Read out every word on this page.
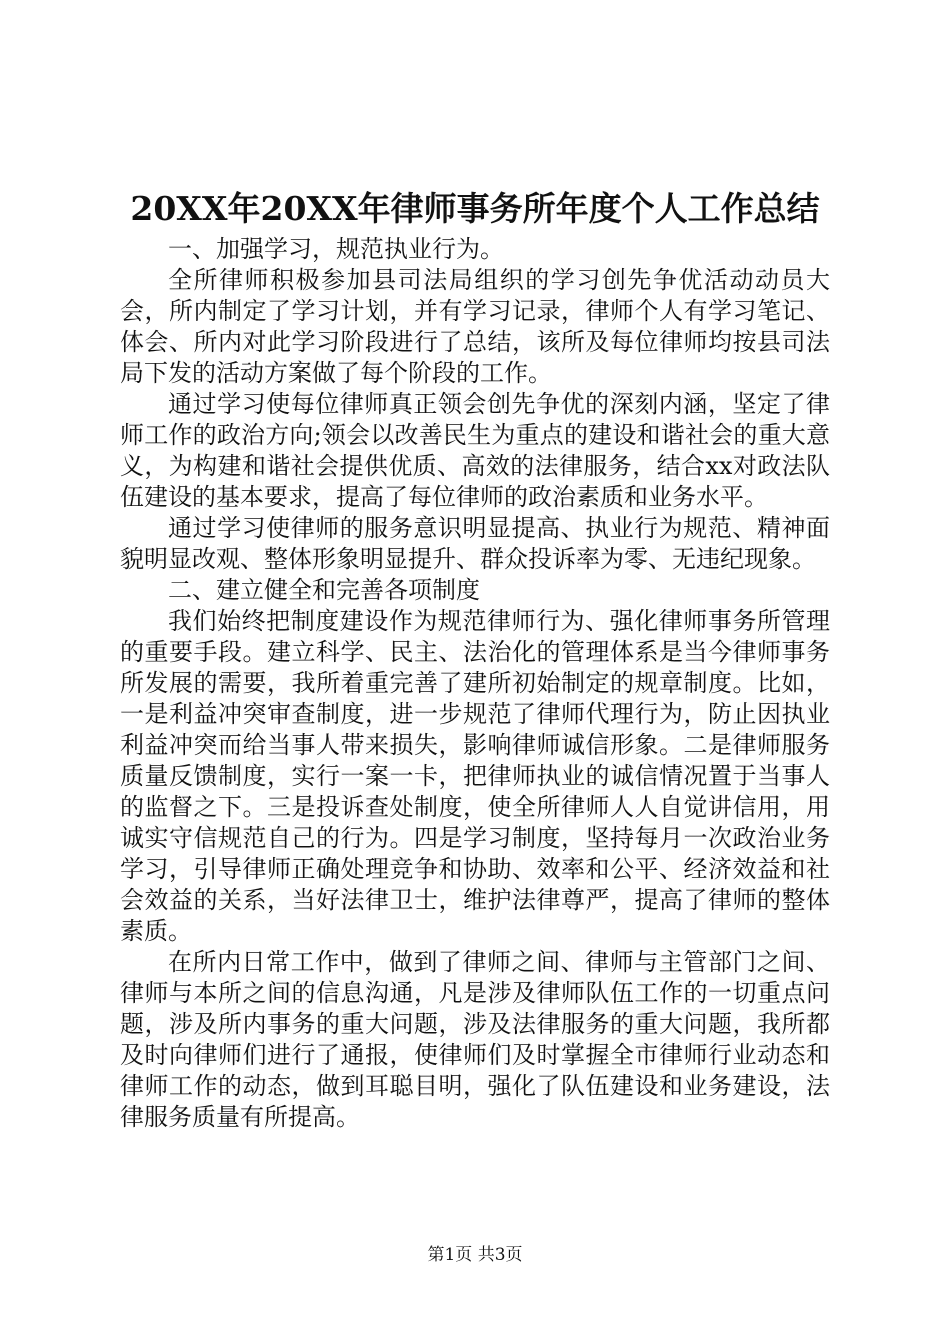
20XX年20XX年律师事务所年度个人工作总结

一、加强学习，规范执业行为。

全所律师积极参加县司法局组织的学习创先争优活动动员大会，所内制定了学习计划，并有学习记录，律师个人有学习笔记、体会、所内对此学习阶段进行了总结，该所及每位律师均按县司法局下发的活动方案做了每个阶段的工作。

通过学习使每位律师真正领会创先争优的深刻内涵，坚定了律师工作的政治方向;领会以改善民生为重点的建设和谐社会的重大意义，为构建和谐社会提供优质、高效的法律服务，结合xx对政法队伍建设的基本要求，提高了每位律师的政治素质和业务水平。

通过学习使律师的服务意识明显提高、执业行为规范、精神面貌明显改观、整体形象明显提升、群众投诉率为零、无违纪现象。

二、建立健全和完善各项制度

我们始终把制度建设作为规范律师行为、强化律师事务所管理的重要手段。建立科学、民主、法治化的管理体系是当今律师事务所发展的需要，我所着重完善了建所初始制定的规章制度。比如，一是利益冲突审查制度，进一步规范了律师代理行为，防止因执业利益冲突而给当事人带来损失，影响律师诚信形象。二是律师服务质量反馈制度，实行一案一卡，把律师执业的诚信情况置于当事人的监督之下。三是投诉查处制度，使全所律师人人自觉讲信用，用诚实守信规范自己的行为。四是学习制度，坚持每月一次政治业务学习，引导律师正确处理竞争和协助、效率和公平、经济效益和社会效益的关系，当好法律卫士，维护法律尊严，提高了律师的整体素质。

在所内日常工作中，做到了律师之间、律师与主管部门之间、律师与本所之间的信息沟通，凡是涉及律师队伍工作的一切重点问题，涉及所内事务的重大问题，涉及法律服务的重大问题，我所都及时向律师们进行了通报，使律师们及时掌握全市律师行业动态和律师工作的动态，做到耳聪目明，强化了队伍建设和业务建设，法律服务质量有所提高。

第1页 共3页
